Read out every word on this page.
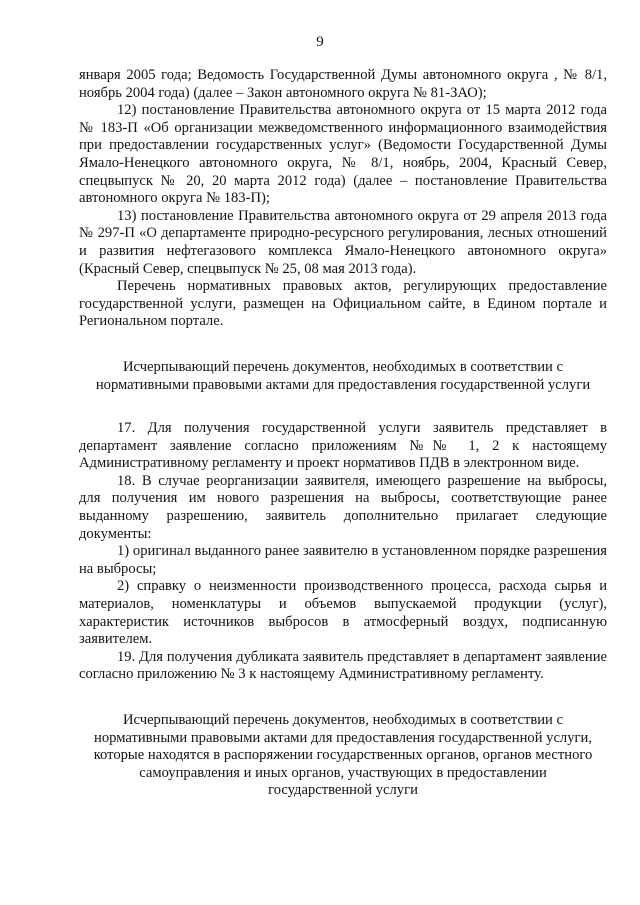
9

января 2005 года; Ведомость Государственной Думы автономного округа , № 8/1, ноябрь 2004 года) (далее – Закон автономного округа № 81-ЗАО);

12) постановление Правительства автономного округа от 15 марта 2012 года № 183-П «Об организации межведомственного информационного взаимодействия при предоставлении государственных услуг» (Ведомости Государственной Думы Ямало-Ненецкого автономного округа, № 8/1, ноябрь, 2004, Красный Север, спецвыпуск № 20, 20 марта 2012 года) (далее – постановление Правительства автономного округа № 183-П);

13) постановление Правительства автономного округа от 29 апреля 2013 года № 297-П «О департаменте природно-ресурсного регулирования, лесных отношений и развития нефтегазового комплекса Ямало-Ненецкого автономного округа» (Красный Север, спецвыпуск № 25, 08 мая 2013 года).

Перечень нормативных правовых актов, регулирующих предоставление государственной услуги, размещен на Официальном сайте, в Едином портале и Региональном портале.

Исчерпывающий перечень документов, необходимых в соответствии с нормативными правовыми актами для предоставления государственной услуги

17. Для получения государственной услуги заявитель представляет в департамент заявление согласно приложениям №№ 1, 2 к настоящему Административному регламенту и проект нормативов ПДВ в электронном виде.

18. В случае реорганизации заявителя, имеющего разрешение на выбросы, для получения им нового разрешения на выбросы, соответствующие ранее выданному разрешению, заявитель дополнительно прилагает следующие документы:

1) оригинал выданного ранее заявителю в установленном порядке разрешения на выбросы;

2) справку о неизменности производственного процесса, расхода сырья и материалов, номенклатуры и объемов выпускаемой продукции (услуг), характеристик источников выбросов в атмосферный воздух, подписанную заявителем.

19. Для получения дубликата заявитель представляет в департамент заявление согласно приложению № 3 к настоящему Административному регламенту.

Исчерпывающий перечень документов, необходимых в соответствии с нормативными правовыми актами для предоставления государственной услуги, которые находятся в распоряжении государственных органов, органов местного самоуправления и иных органов, участвующих в предоставлении государственной услуги
